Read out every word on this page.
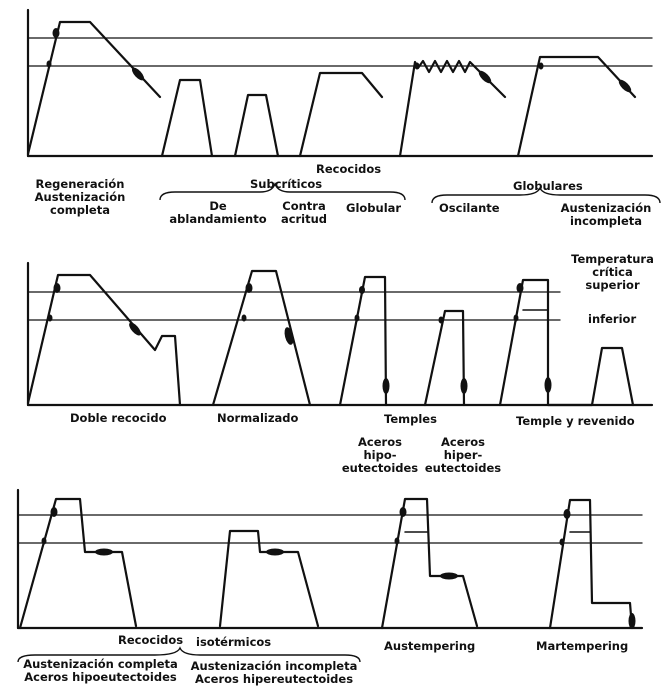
Recocidos
Regeneración
Austenización
completa
Subcríticos
De
ablandamiento
Contra
acritud
Globular
Globulares
Oscilante	Austenización
incompleta
Temperatura
crítica
superior
inferior
Doble recocido	Normalizado	Temples	Temple y revenido
Aceros
hipo-
eutectoides
Aceros
hiper-
eutectoides
Recocidos isotérmicos	Austempering	Martempering
Austenización completa
Aceros hipoeutectoides
Austenización incompleta
Aceros hipereutectoides
